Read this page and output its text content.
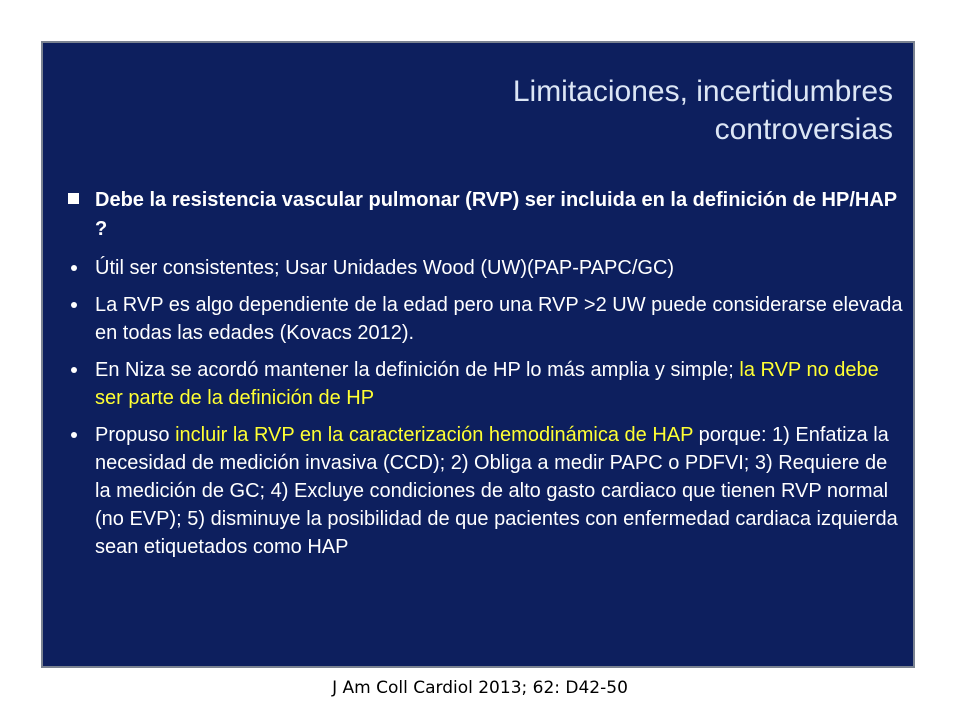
Limitaciones, incertidumbres
controversias
Debe la resistencia vascular pulmonar (RVP) ser incluida en la definición de HP/HAP ?
Útil ser consistentes; Usar Unidades Wood (UW)(PAP-PAPC/GC)
La RVP es algo dependiente de la edad pero una RVP >2 UW puede considerarse elevada en todas las edades (Kovacs 2012).
En Niza se acordó mantener la definición de HP lo más amplia y simple; la RVP no debe ser parte de la definición de HP
Propuso incluir la RVP en la caracterización hemodinámica de HAP porque: 1) Enfatiza la necesidad de medición invasiva (CCD); 2) Obliga a medir PAPC o PDFVI; 3) Requiere de la medición de GC; 4) Excluye condiciones de alto gasto cardiaco que tienen RVP normal (no EVP); 5) disminuye la posibilidad de que pacientes con enfermedad cardiaca izquierda sean etiquetados como HAP
J Am Coll Cardiol 2013; 62: D42-50
